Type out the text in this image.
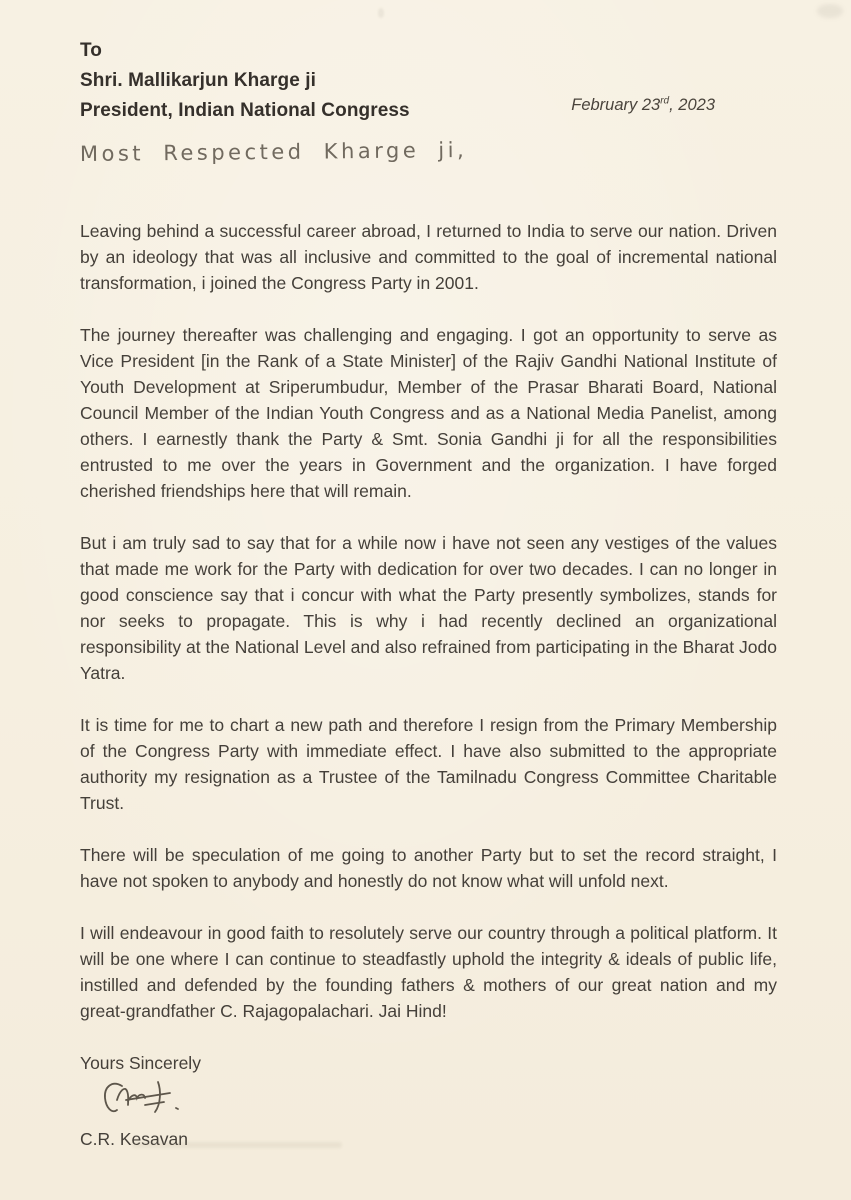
To
Shri. Mallikarjun Kharge ji
President, Indian National Congress	February 23rd, 2023
Most Respected Kharge ji,

Leaving behind a successful career abroad, I returned to India to serve our nation. Driven by an ideology that was all inclusive and committed to the goal of incremental national transformation, i joined the Congress Party in 2001.

The journey thereafter was challenging and engaging. I got an opportunity to serve as Vice President [in the Rank of a State Minister] of the Rajiv Gandhi National Institute of Youth Development at Sriperumbudur, Member of the Prasar Bharati Board, National Council Member of the Indian Youth Congress and as a National Media Panelist, among others. I earnestly thank the Party & Smt. Sonia Gandhi ji for all the responsibilities entrusted to me over the years in Government and the organization. I have forged cherished friendships here that will remain.

But i am truly sad to say that for a while now i have not seen any vestiges of the values that made me work for the Party with dedication for over two decades. I can no longer in good conscience say that i concur with what the Party presently symbolizes, stands for nor seeks to propagate. This is why i had recently declined an organizational responsibility at the National Level and also refrained from participating in the Bharat Jodo Yatra.

It is time for me to chart a new path and therefore I resign from the Primary Membership of the Congress Party with immediate effect. I have also submitted to the appropriate authority my resignation as a Trustee of the Tamilnadu Congress Committee Charitable Trust.

There will be speculation of me going to another Party but to set the record straight, I have not spoken to anybody and honestly do not know what will unfold next.

I will endeavour in good faith to resolutely serve our country through a political platform. It will be one where I can continue to steadfastly uphold the integrity & ideals of public life, instilled and defended by the founding fathers & mothers of our great nation and my great-grandfather C. Rajagopalachari. Jai Hind!

Yours Sincerely
C.R. Kesavan
